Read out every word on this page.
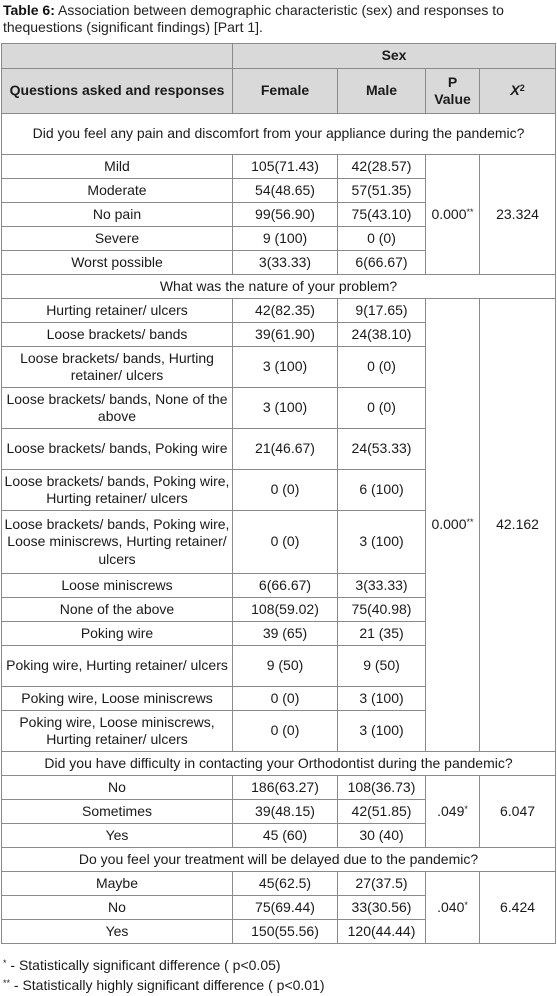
Table 6: Association between demographic characteristic (sex) and responses to thequestions (significant findings) [Part 1].
	Sex			
Questions asked and responses	Female	Male	P Value	$X^2$
Did you feel any pain and discomfort from your appliance during the pandemic?				
Mild	105(71.43)	42(28.57)	0.000**	23.324
Moderate	54(48.65)	57(51.35)		
No pain	99(56.90)	75(43.10)		
Severe	9 (100)	0 (0)		
Worst possible	3(33.33)	6(66.67)		
What was the nature of your problem?				
Hurting retainer/ ulcers	42(82.35)	9(17.65)	0.000**	42.162
Loose brackets/ bands	39(61.90)	24(38.10)		
Loose brackets/ bands, Hurting retainer/ ulcers	3 (100)	0 (0)		
Loose brackets/ bands, None of the above	3 (100)	0 (0)		
Loose brackets/ bands, Poking wire	21(46.67)	24(53.33)		
Loose brackets/ bands, Poking wire, Hurting retainer/ ulcers	0 (0)	6 (100)		
Loose brackets/ bands, Poking wire, Loose miniscrews, Hurting retainer/ ulcers	0 (0)	3 (100)		
Loose miniscrews	6(66.67)	3(33.33)		
None of the above	108(59.02)	75(40.98)		
Poking wire	39 (65)	21 (35)		
Poking wire, Hurting retainer/ ulcers	9 (50)	9 (50)		
Poking wire, Loose miniscrews	0 (0)	3 (100)		
Poking wire, Loose miniscrews, Hurting retainer/ ulcers	0 (0)	3 (100)		
Did you have difficulty in contacting your Orthodontist during the pandemic?				
No	186(63.27)	108(36.73)	.049*	6.047
Sometimes	39(48.15)	42(51.85)		
Yes	45 (60)	30 (40)		
Do you feel your treatment will be delayed due to the pandemic?				
Maybe	45(62.5)	27(37.5)	.040*	6.424
No	75(69.44)	33(30.56)		
Yes	150(55.56)	120(44.44)		
* - Statistically significant difference ( p<0.05)
** - Statistically highly significant difference ( p<0.01)
